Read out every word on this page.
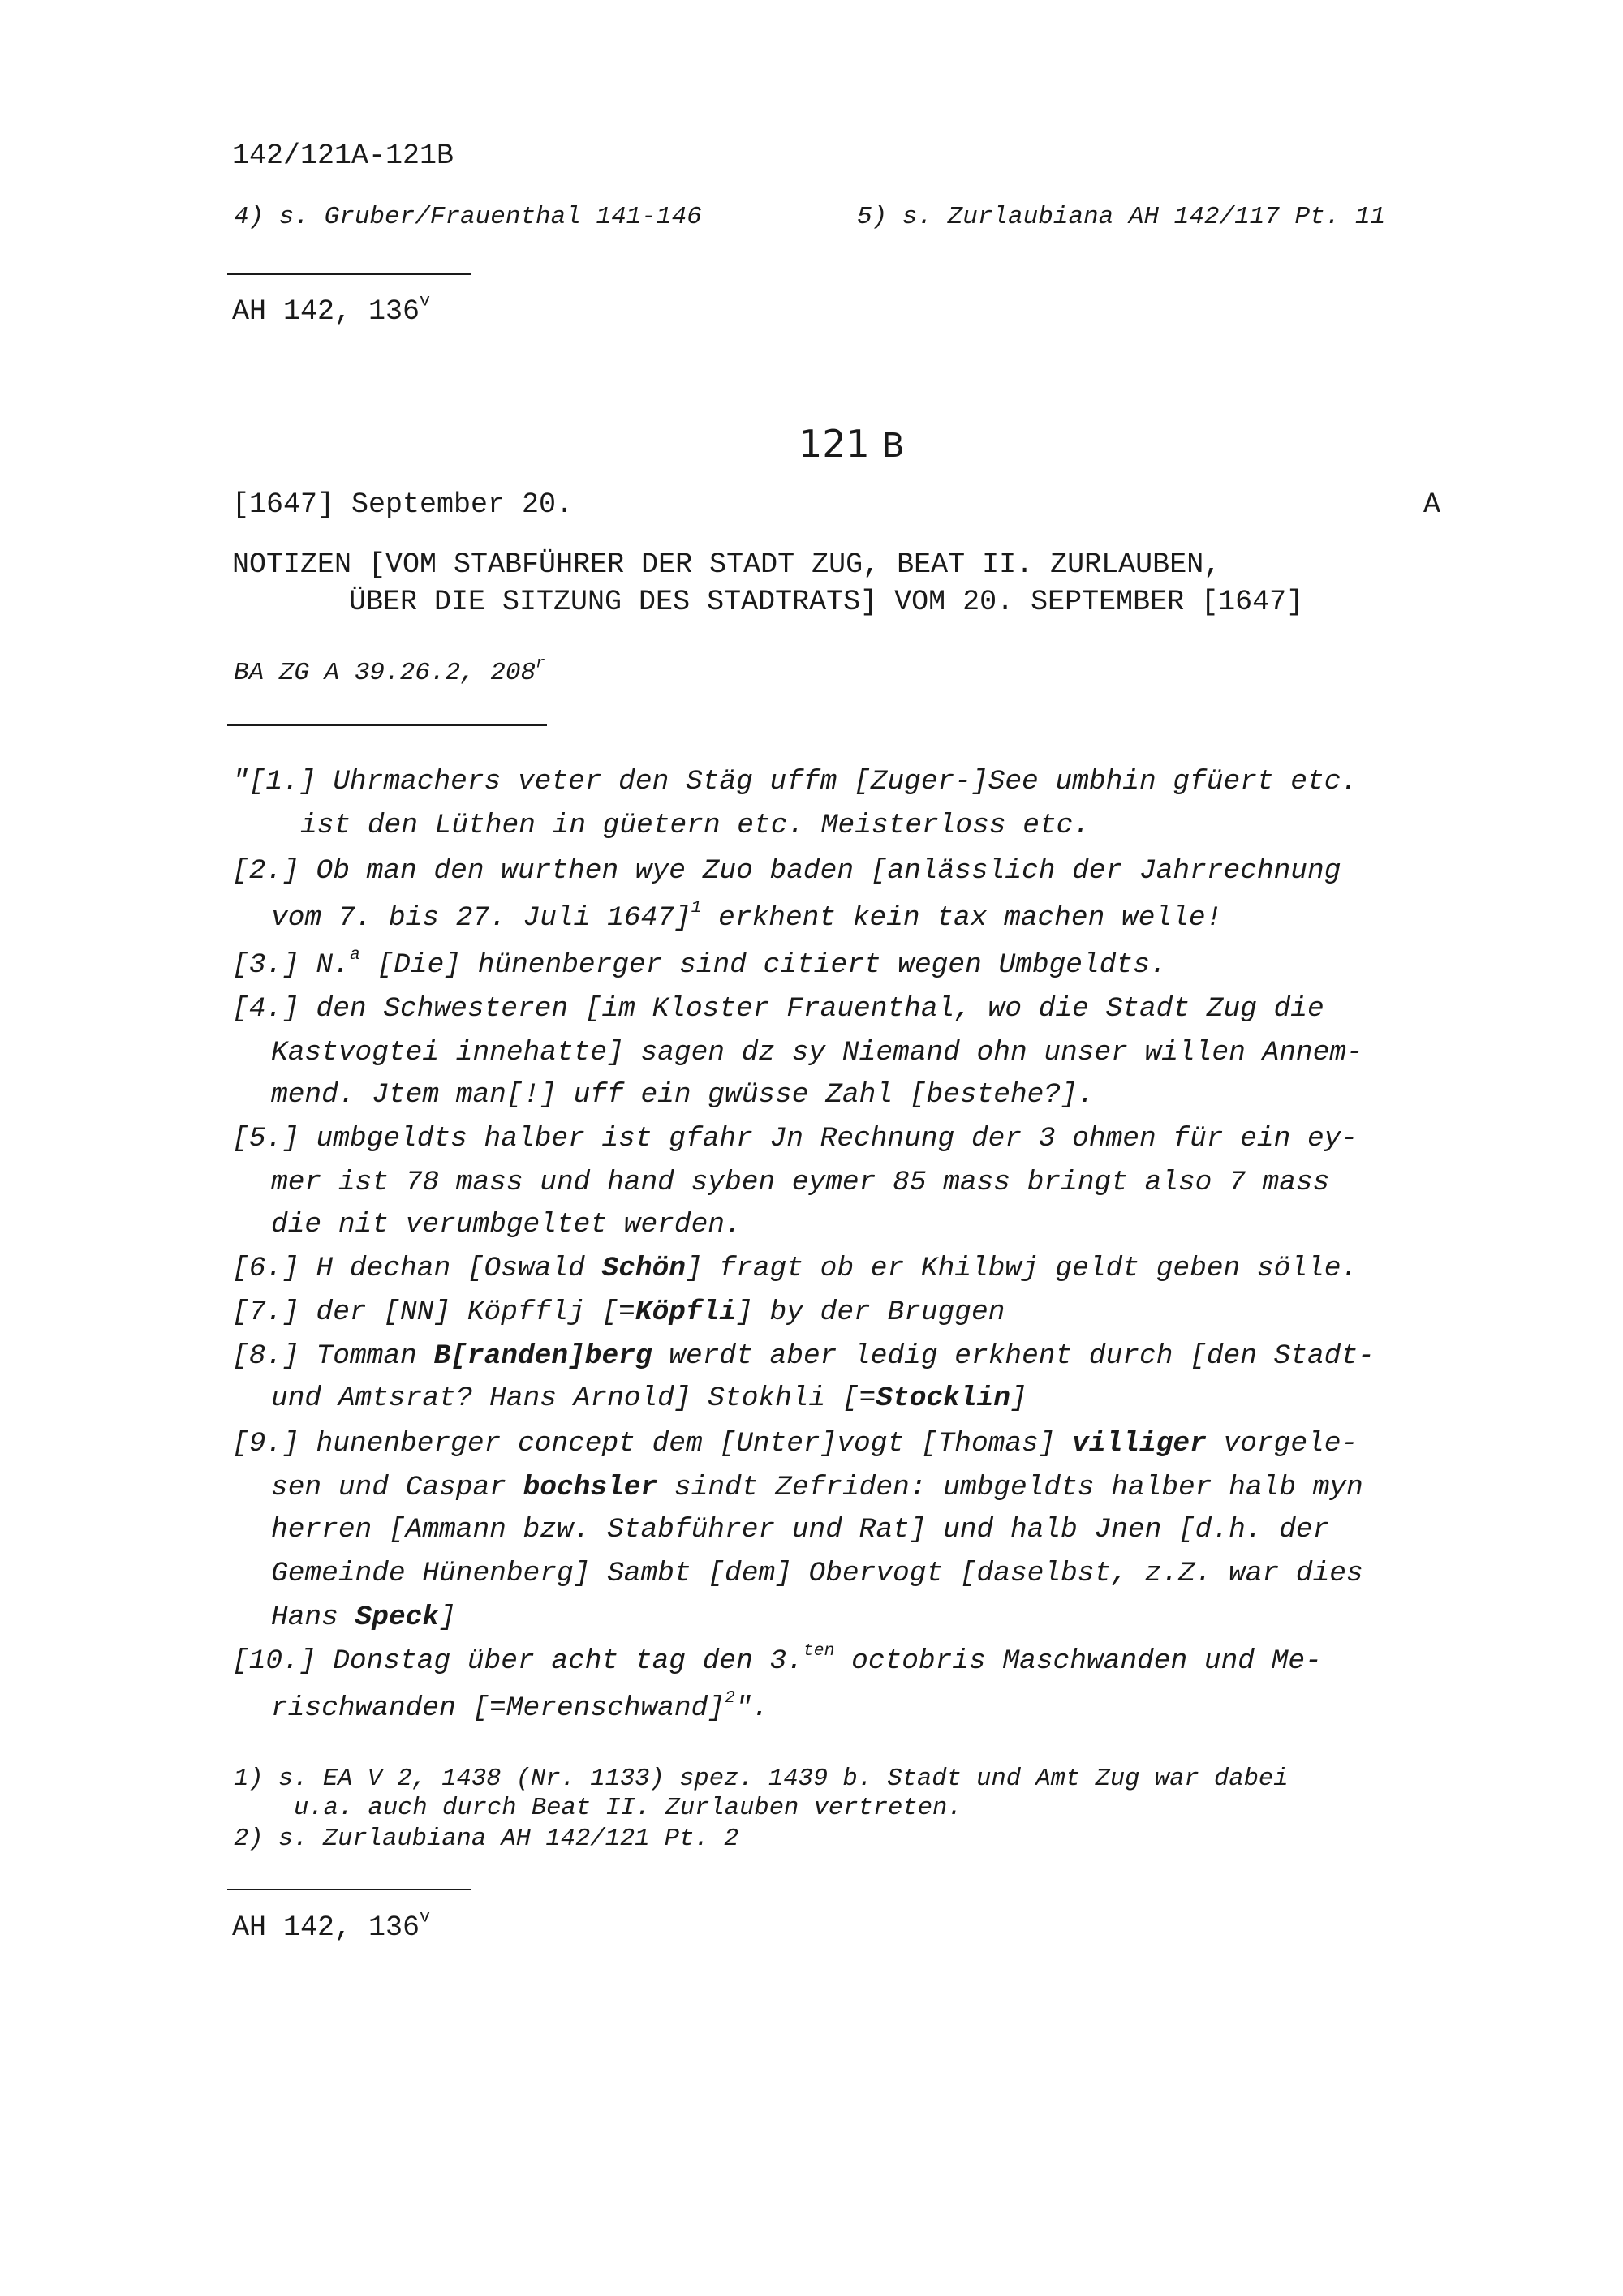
142/121A-121B
4) s. Gruber/Frauenthal 141-146	5) s. Zurlaubiana AH 142/117 Pt. 11
AH 142, 136$^v$
121 B
[1647] September 20.	A
NOTIZEN [VOM STABFÜHRER DER STADT ZUG, BEAT II. ZURLAUBEN,
ÜBER DIE SITZUNG DES STADTRATS] VOM 20. SEPTEMBER [1647]
BA ZG A 39.26.2, 208$^r$
"[1.] Uhrmachers veter den Stäg uffm [Zuger-]See umbhin gfüert etc.
ist den Lüthen in güetern etc. Meisterloss etc.
[2.] Ob man den wurthen wye Zuo baden [anlässlich der Jahrrechnung
vom 7. bis 27. Juli 1647]$^1$ erkhent kein tax machen welle!
[3.] N.$^a$ [Die] hünenberger sind citiert wegen Umbgeldts.
[4.] den Schwesteren [im Kloster Frauenthal, wo die Stadt Zug die
Kastvogtei innehatte] sagen dz sy Niemand ohn unser willen Annem-
mend. Jtem man[!] uff ein gwüsse Zahl [bestehe?].
[5.] umbgeldts halber ist gfahr Jn Rechnung der 3 ohmen für ein ey-
mer ist 78 mass und hand syben eymer 85 mass bringt also 7 mass
die nit verumbgeltet werden.
[6.] H dechan [Oswald Schön] fragt ob er Khilbwj geldt geben sölle.
[7.] der [NN] Köpfflj [=Köpfli] by der Bruggen
[8.] Tomman B[randen]berg werdt aber ledig erkhent durch [den Stadt-
und Amtsrat? Hans Arnold] Stokhli [=Stocklin]
[9.] hunenberger concept dem [Unter]vogt [Thomas] villiger vorgele-
sen und Caspar bochsler sindt Zefriden: umbgeldts halber halb myn
herren [Ammann bzw. Stabführer und Rat] und halb Jnen [d.h. der
Gemeinde Hünenberg] Sambt [dem] Obervogt [daselbst, z.Z. war dies
Hans Speck]
[10.] Donstag über acht tag den 3.$^{ten}$ octobris Maschwanden und Me-
rischwanden [=Merenschwand]$^2$".
1) s. EA V 2, 1438 (Nr. 1133) spez. 1439 b. Stadt und Amt Zug war dabei
u.a. auch durch Beat II. Zurlauben vertreten.
2) s. Zurlaubiana AH 142/121 Pt. 2
AH 142, 136$^v$
